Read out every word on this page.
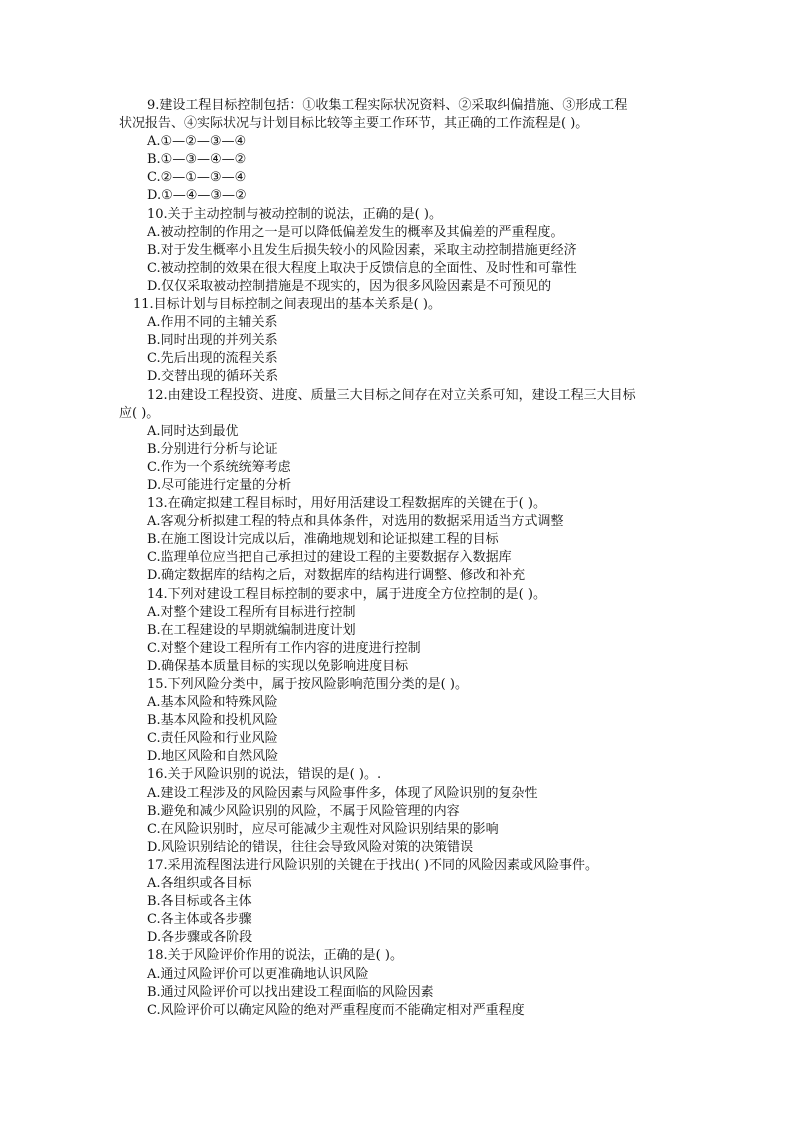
9.建设工程目标控制包括：①收集工程实际状况资料、②采取纠偏措施、③形成工程
状况报告、④实际状况与计划目标比较等主要工作环节，其正确的工作流程是( )。
A.①—②—③—④
B.①—③—④—②
C.②—①—③—④
D.①—④—③—②
10.关于主动控制与被动控制的说法，正确的是( )。
A.被动控制的作用之一是可以降低偏差发生的概率及其偏差的严重程度。
B.对于发生概率小且发生后损失较小的风险因素，采取主动控制措施更经济
C.被动控制的效果在很大程度上取决于反馈信息的全面性、及时性和可靠性
D.仅仅采取被动控制措施是不现实的，因为很多风险因素是不可预见的
11.目标计划与目标控制之间表现出的基本关系是( )。
A.作用不同的主辅关系
B.同时出现的并列关系
C.先后出现的流程关系
D.交替出现的循环关系
12.由建设工程投资、进度、质量三大目标之间存在对立关系可知，建设工程三大目标
应( )。
A.同时达到最优
B.分别进行分析与论证
C.作为一个系统统筹考虑
D.尽可能进行定量的分析
13.在确定拟建工程目标时，用好用活建设工程数据库的关键在于( )。
A.客观分析拟建工程的特点和具体条件，对选用的数据采用适当方式调整
B.在施工图设计完成以后，准确地规划和论证拟建工程的目标
C.监理单位应当把自己承担过的建设工程的主要数据存入数据库
D.确定数据库的结构之后，对数据库的结构进行调整、修改和补充
14.下列对建设工程目标控制的要求中，属于进度全方位控制的是( )。
A.对整个建设工程所有目标进行控制
B.在工程建设的早期就编制进度计划
C.对整个建设工程所有工作内容的进度进行控制
D.确保基本质量目标的实现以免影响进度目标
15.下列风险分类中，属于按风险影响范围分类的是( )。
A.基本风险和特殊风险
B.基本风险和投机风险
C.责任风险和行业风险
D.地区风险和自然风险
16.关于风险识别的说法，错误的是( )。.
A.建设工程涉及的风险因素与风险事件多，体现了风险识别的复杂性
B.避免和减少风险识别的风险，不属于风险管理的内容
C.在风险识别时，应尽可能减少主观性对风险识别结果的影响
D.风险识别结论的错误，往往会导致风险对策的决策错误
17.采用流程图法进行风险识别的关键在于找出( )不同的风险因素或风险事件。
A.各组织或各目标
B.各目标或各主体
C.各主体或各步骤
D.各步骤或各阶段
18.关于风险评价作用的说法，正确的是( )。
A.通过风险评价可以更准确地认识风险
B.通过风险评价可以找出建设工程面临的风险因素
C.风险评价可以确定风险的绝对严重程度而不能确定相对严重程度
